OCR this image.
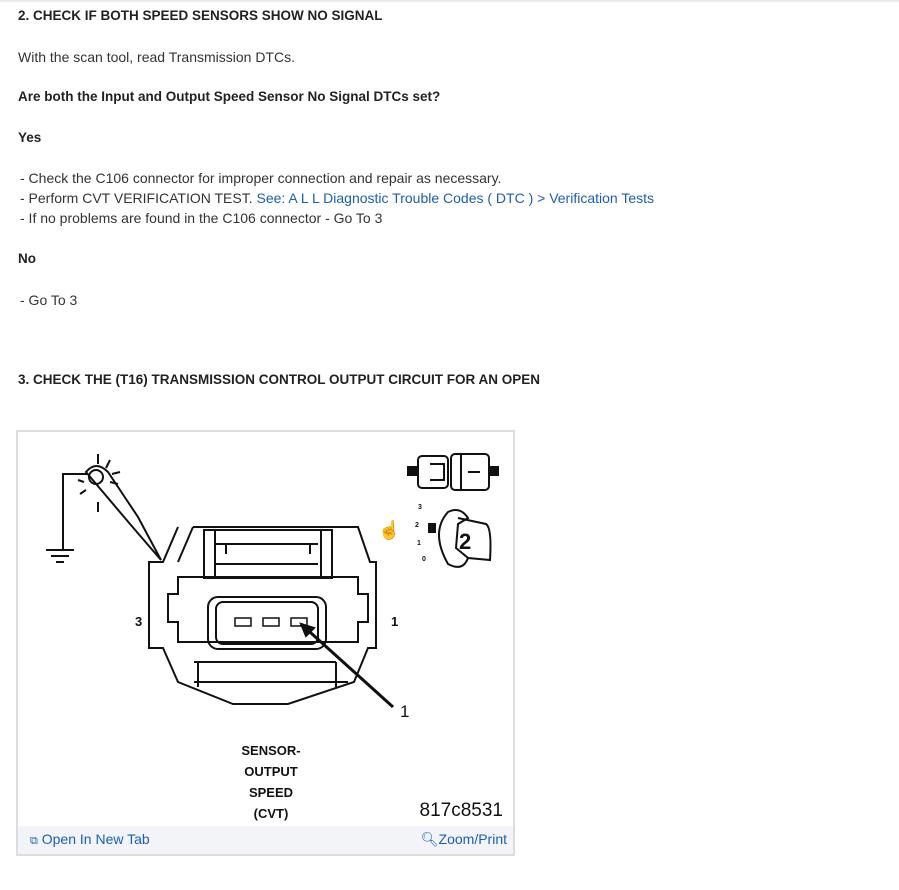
2. CHECK IF BOTH SPEED SENSORS SHOW NO SIGNAL
With the scan tool, read Transmission DTCs.
Are both the Input and Output Speed Sensor No Signal DTCs set?
Yes
- Check the C106 connector for improper connection and repair as necessary.
- Perform CVT VERIFICATION TEST. See: A L L Diagnostic Trouble Codes ( DTC ) > Verification Tests
- If no problems are found in the C106 connector - Go To 3
No
- Go To 3
3. CHECK THE (T16) TRANSMISSION CONTROL OUTPUT CIRCUIT FOR AN OPEN
3	1
1
2
3
2
1
0
☝
SENSOR-
OUTPUT
SPEED
(CVT)	817c8531
⧉ Open In New Tab	🔍︎Zoom/Print
